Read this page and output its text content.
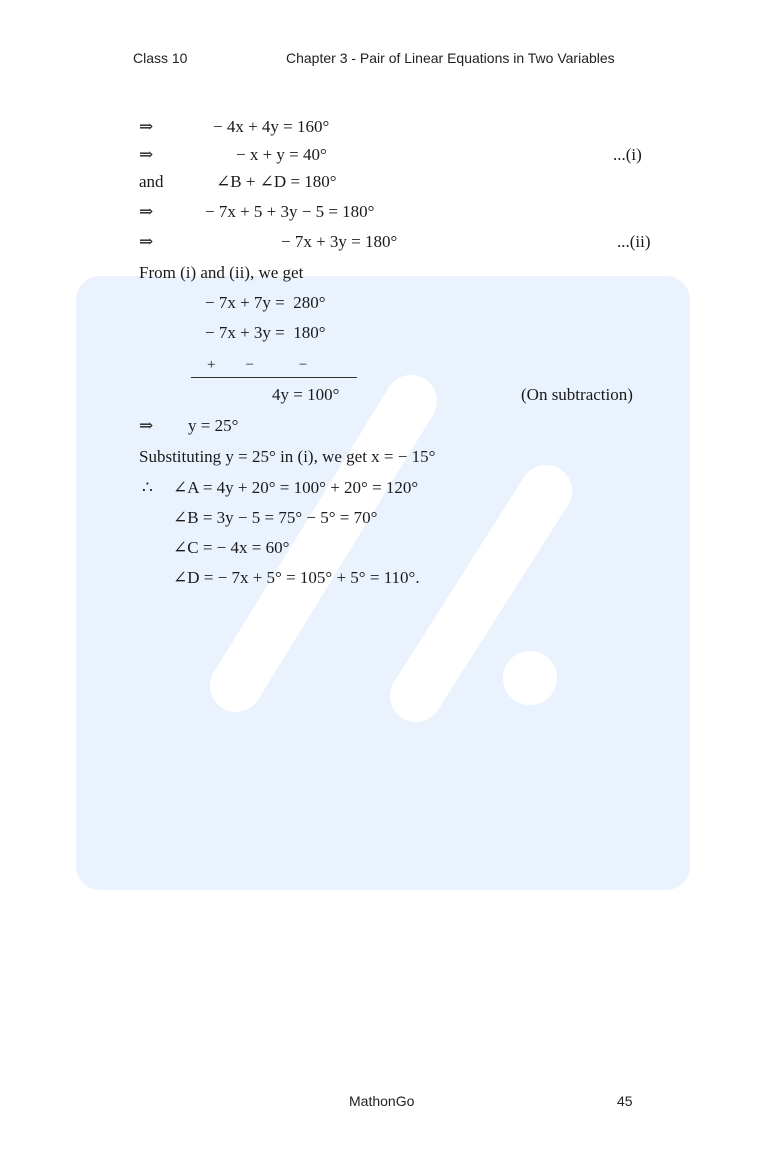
Class 10	Chapter 3 - Pair of Linear Equations in Two Variables
⇒	− 4x + 4y = 160°
⇒	− x + y = 40°	...(i)
and	∠B + ∠D = 180°
⇒	− 7x + 5 + 3y − 5 = 180°
⇒	− 7x + 3y = 180°	...(ii)
From (i) and (ii), we get
− 7x + 7y =  280°
− 7x + 3y =  180°
+        −            −
4y = 100°	(On subtraction)
⇒ y = 25°
Substituting y = 25° in (i), we get x = − 15°
∴ ∠A = 4y + 20° = 100° + 20° = 120°
∠B = 3y − 5 = 75° − 5° = 70°
∠C = − 4x = 60°
∠D = − 7x + 5° = 105° + 5° = 110°.
MathonGo	45
